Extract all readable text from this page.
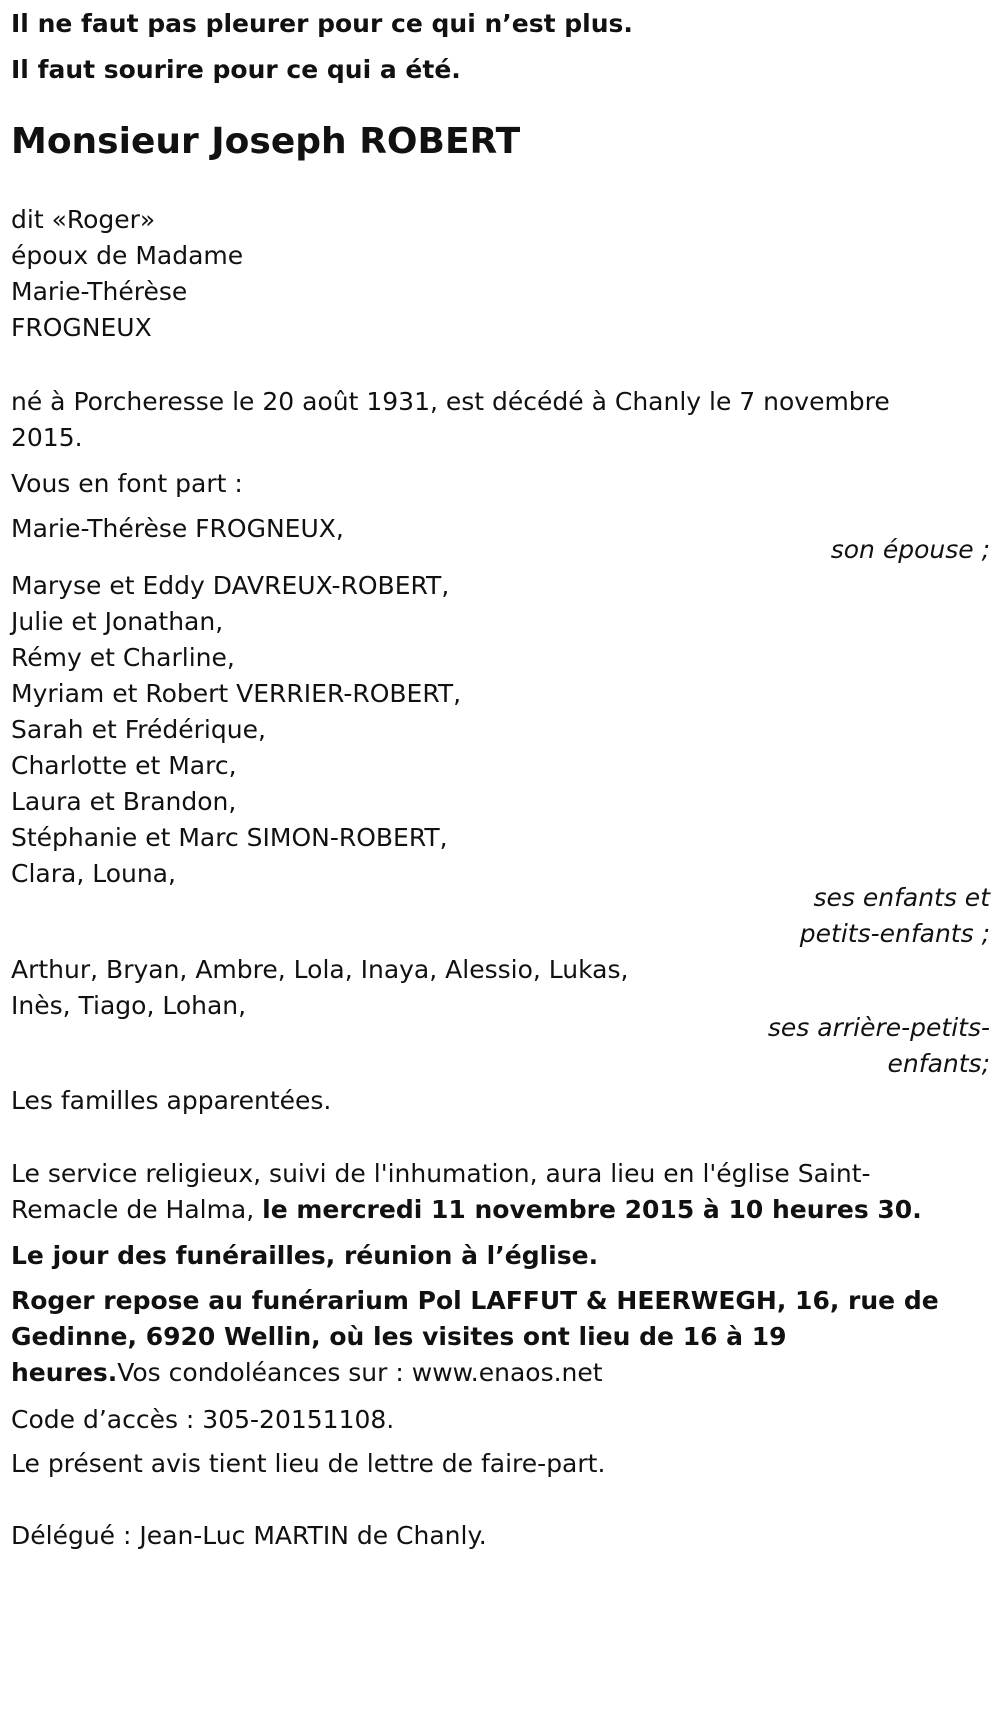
Il ne faut pas pleurer pour ce qui n’est plus.
Il faut sourire pour ce qui a été.
Monsieur Joseph ROBERT
dit «Roger»
époux de Madame
Marie-Thérèse
FROGNEUX
né à Porcheresse le 20 août 1931, est décédé à Chanly le 7 novembre 2015.
Vous en font part :
Marie-Thérèse FROGNEUX,
son épouse ;
Maryse et Eddy DAVREUX-ROBERT,
Julie et Jonathan,
Rémy et Charline,
Myriam et Robert VERRIER-ROBERT,
Sarah et Frédérique,
Charlotte et Marc,
Laura et Brandon,
Stéphanie et Marc SIMON-ROBERT,
Clara, Louna,
ses enfants et
petits-enfants ;
Arthur, Bryan, Ambre, Lola, Inaya, Alessio, Lukas,
Inès, Tiago, Lohan,
ses arrière-petits-
enfants;
Les familles apparentées.
Le service religieux, suivi de l'inhumation, aura lieu en l'église Saint-Remacle de Halma, le mercredi 11 novembre 2015 à 10 heures 30.
Le jour des funérailles, réunion à l’église.
Roger repose au funérarium Pol LAFFUT & HEERWEGH, 16, rue de Gedinne, 6920 Wellin, où les visites ont lieu de 16 à 19 heures.Vos condoléances sur : www.enaos.net
Code d’accès : 305-20151108.
Le présent avis tient lieu de lettre de faire-part.
Délégué : Jean-Luc MARTIN de Chanly.
